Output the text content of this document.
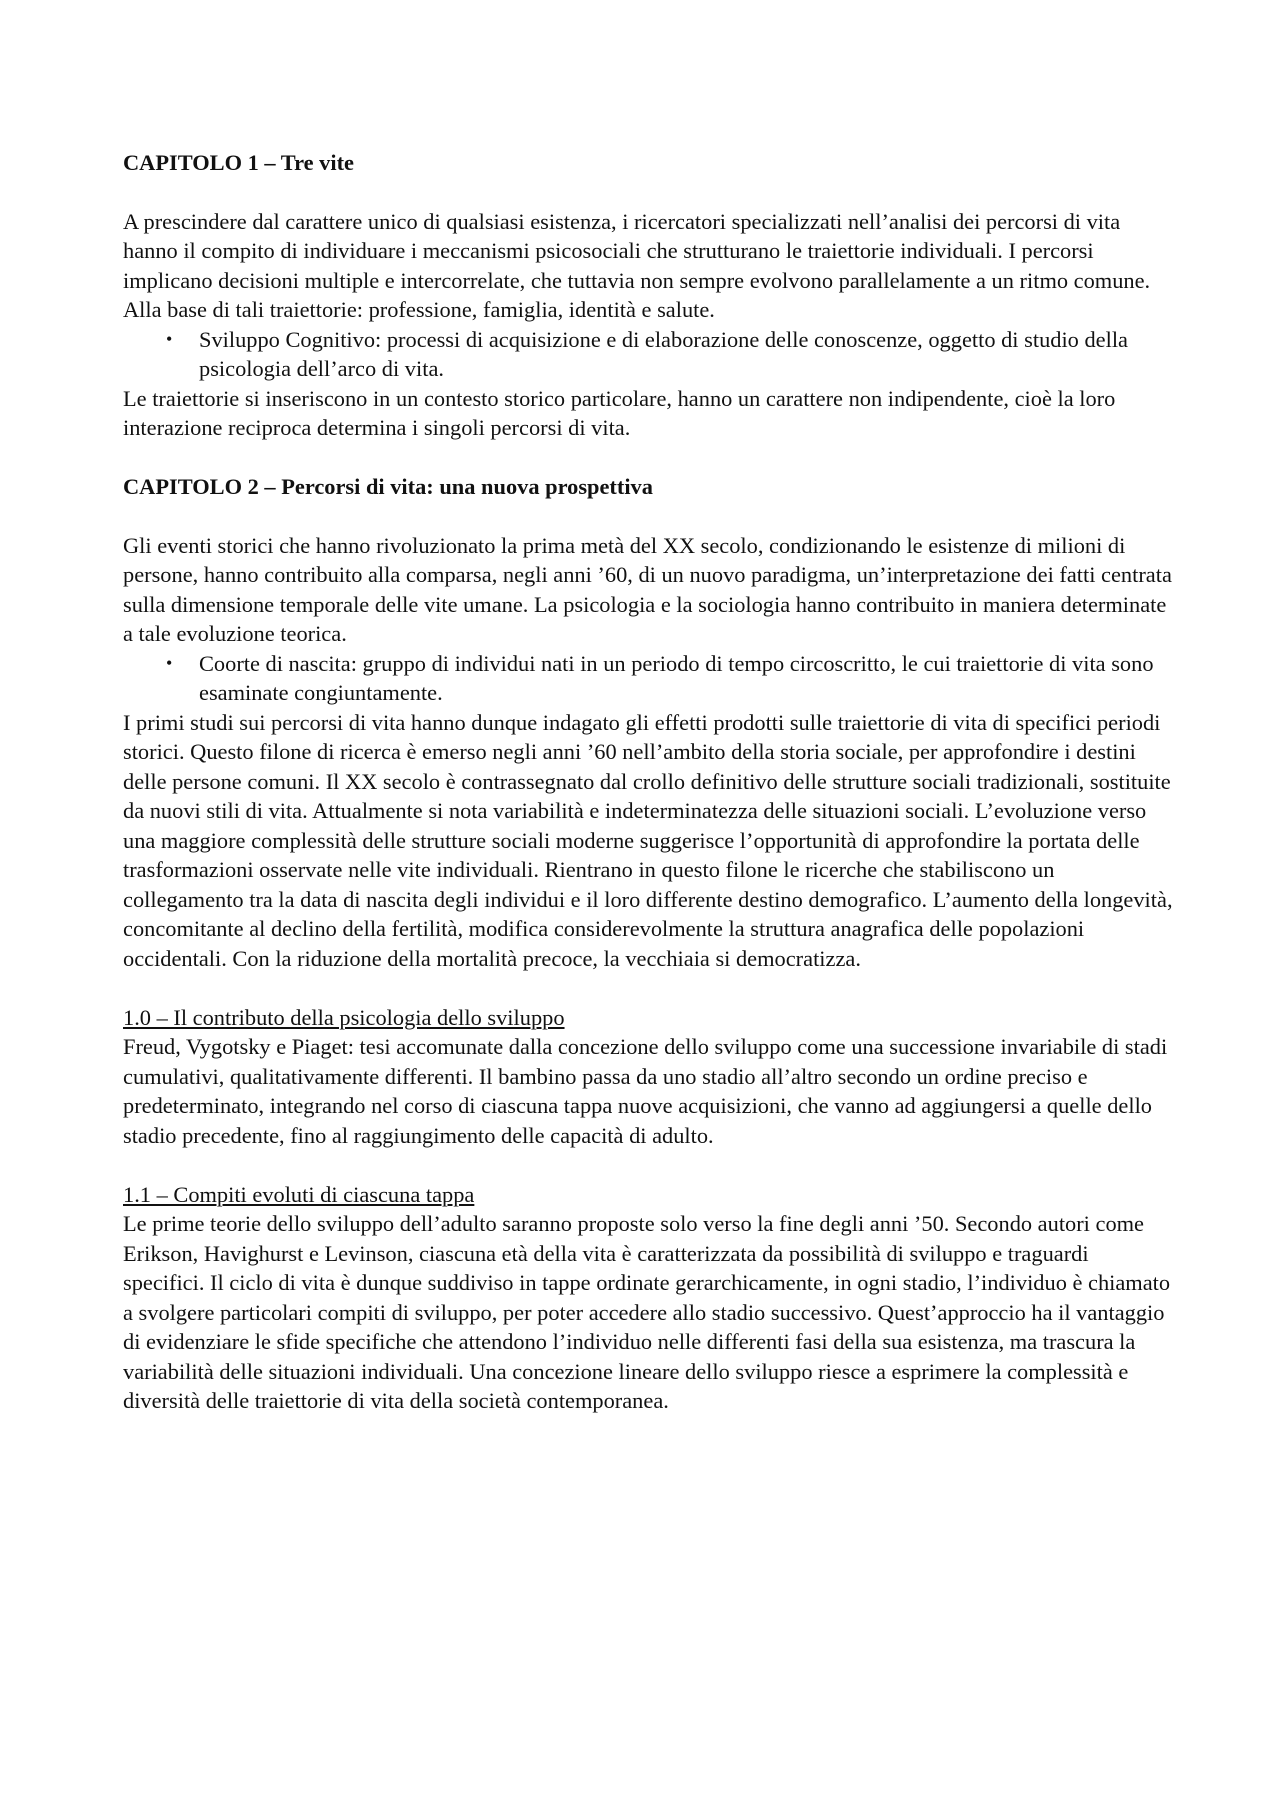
CAPITOLO 1 – Tre vite

A prescindere dal carattere unico di qualsiasi esistenza, i ricercatori specializzati nell’analisi dei percorsi di vita hanno il compito di individuare i meccanismi psicosociali che strutturano le traiettorie individuali. I percorsi implicano decisioni multiple e intercorrelate, che tuttavia non sempre evolvono parallelamente a un ritmo comune. Alla base di tali traiettorie: professione, famiglia, identità e salute.

• Sviluppo Cognitivo: processi di acquisizione e di elaborazione delle conoscenze, oggetto di studio della psicologia dell’arco di vita.

Le traiettorie si inseriscono in un contesto storico particolare, hanno un carattere non indipendente, cioè la loro interazione reciproca determina i singoli percorsi di vita.

CAPITOLO 2 – Percorsi di vita: una nuova prospettiva

Gli eventi storici che hanno rivoluzionato la prima metà del XX secolo, condizionando le esistenze di milioni di persone, hanno contribuito alla comparsa, negli anni ’60, di un nuovo paradigma, un’interpretazione dei fatti centrata sulla dimensione temporale delle vite umane. La psicologia e la sociologia hanno contribuito in maniera determinate a tale evoluzione teorica.

• Coorte di nascita: gruppo di individui nati in un periodo di tempo circoscritto, le cui traiettorie di vita sono esaminate congiuntamente.

I primi studi sui percorsi di vita hanno dunque indagato gli effetti prodotti sulle traiettorie di vita di specifici periodi storici. Questo filone di ricerca è emerso negli anni ’60 nell’ambito della storia sociale, per approfondire i destini delle persone comuni. Il XX secolo è contrassegnato dal crollo definitivo delle strutture sociali tradizionali, sostituite da nuovi stili di vita. Attualmente si nota variabilità e indeterminatezza delle situazioni sociali. L’evoluzione verso una maggiore complessità delle strutture sociali moderne suggerisce l’opportunità di approfondire la portata delle trasformazioni osservate nelle vite individuali. Rientrano in questo filone le ricerche che stabiliscono un collegamento tra la data di nascita degli individui e il loro differente destino demografico. L’aumento della longevità, concomitante al declino della fertilità, modifica considerevolmente la struttura anagrafica delle popolazioni occidentali. Con la riduzione della mortalità precoce, la vecchiaia si democratizza.

1.0 – Il contributo della psicologia dello sviluppo

Freud, Vygotsky e Piaget: tesi accomunate dalla concezione dello sviluppo come una successione invariabile di stadi cumulativi, qualitativamente differenti. Il bambino passa da uno stadio all’altro secondo un ordine preciso e predeterminato, integrando nel corso di ciascuna tappa nuove acquisizioni, che vanno ad aggiungersi a quelle dello stadio precedente, fino al raggiungimento delle capacità di adulto.

1.1 – Compiti evoluti di ciascuna tappa

Le prime teorie dello sviluppo dell’adulto saranno proposte solo verso la fine degli anni ’50. Secondo autori come Erikson, Havighurst e Levinson, ciascuna età della vita è caratterizzata da possibilità di sviluppo e traguardi specifici. Il ciclo di vita è dunque suddiviso in tappe ordinate gerarchicamente, in ogni stadio, l’individuo è chiamato a svolgere particolari compiti di sviluppo, per poter accedere allo stadio successivo. Quest’approccio ha il vantaggio di evidenziare le sfide specifiche che attendono l’individuo nelle differenti fasi della sua esistenza, ma trascura la variabilità delle situazioni individuali. Una concezione lineare dello sviluppo riesce a esprimere la complessità e diversità delle traiettorie di vita della società contemporanea.
